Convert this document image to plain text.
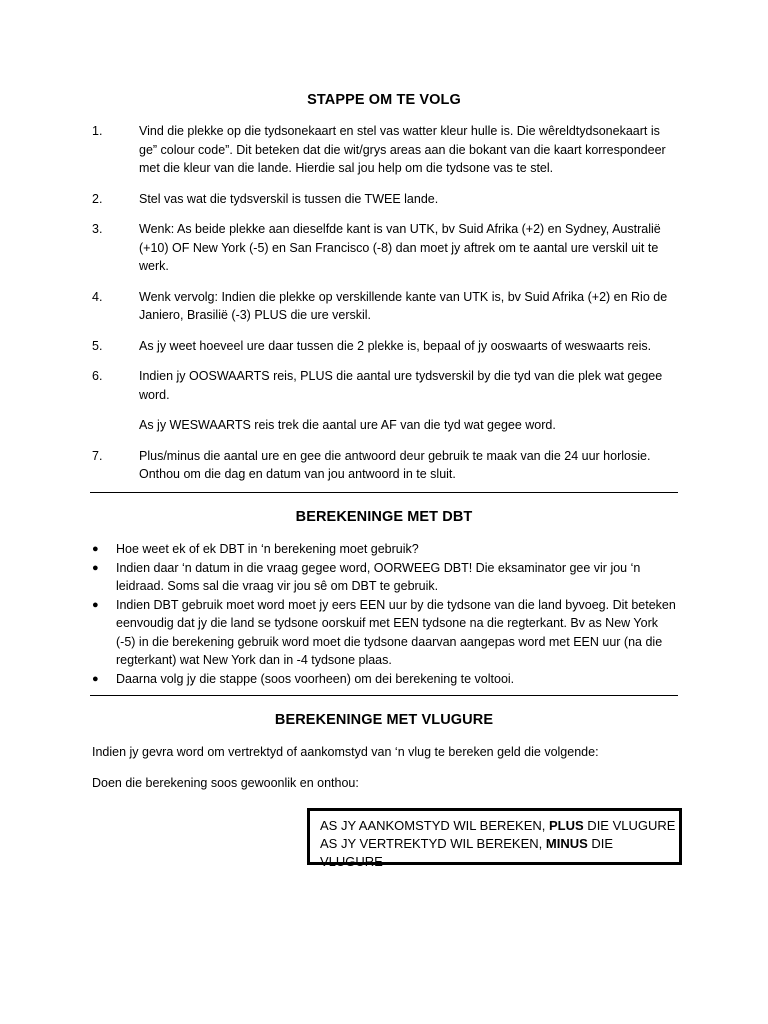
STAPPE OM TE VOLG
1.	Vind die plekke op die tydsonekaart en stel vas watter kleur hulle is. Die wêreldtydsonekaart is ge” colour code”. Dit beteken dat die wit/grys areas aan die bokant van die kaart korrespondeer met die kleur van die lande. Hierdie sal jou help om die tydsone vas te stel.
2.	Stel vas wat die tydsverskil is tussen die TWEE lande.
3.	Wenk: As beide plekke aan dieselfde kant is van UTK, bv Suid Afrika (+2) en Sydney, Australië (+10) OF New York (-5) en San Francisco (-8) dan moet jy aftrek om te aantal ure verskil uit te werk.
4.	Wenk vervolg: Indien die plekke op verskillende kante van UTK is, bv Suid Afrika (+2) en Rio de Janiero, Brasilië (-3) PLUS die ure verskil.
5.	As jy weet hoeveel ure daar tussen die 2 plekke is, bepaal of jy ooswaarts of weswaarts reis.
6.	Indien jy OOSWAARTS reis, PLUS die aantal ure tydsverskil by die tyd van die plek wat gegee word.
As jy WESWAARTS reis trek die aantal ure AF van die tyd wat gegee word.
7.	Plus/minus die aantal ure en gee die antwoord deur gebruik te maak van die 24 uur horlosie. Onthou om die dag en datum van jou antwoord in te sluit.
BEREKENINGE MET DBT
●	Hoe weet ek of ek DBT in ‘n berekening moet gebruik?
●	Indien daar ‘n datum in die vraag gegee word, OORWEEG DBT! Die eksaminator gee vir jou ‘n leidraad. Soms sal die vraag vir jou sê om DBT te gebruik.
●	Indien DBT gebruik moet word moet jy eers EEN uur by die tydsone van die land byvoeg. Dit beteken eenvoudig dat jy die land se tydsone oorskuif met EEN tydsone na die regterkant. Bv as New York (-5) in die berekening gebruik word moet die tydsone daarvan aangepas word met EEN uur (na die regterkant) wat New York dan in -4 tydsone plaas.
●	Daarna volg jy die stappe (soos voorheen) om dei berekening te voltooi.
BEREKENINGE MET VLUGURE

Indien jy gevra word om vertrektyd of aankomstyd van ‘n vlug te bereken geld die volgende:

Doen die berekening soos gewoonlik en onthou:

AS JY AANKOMSTYD WIL BEREKEN, PLUS DIE VLUGURE
AS JY VERTREKTYD WIL BEREKEN, MINUS DIE VLUGURE
